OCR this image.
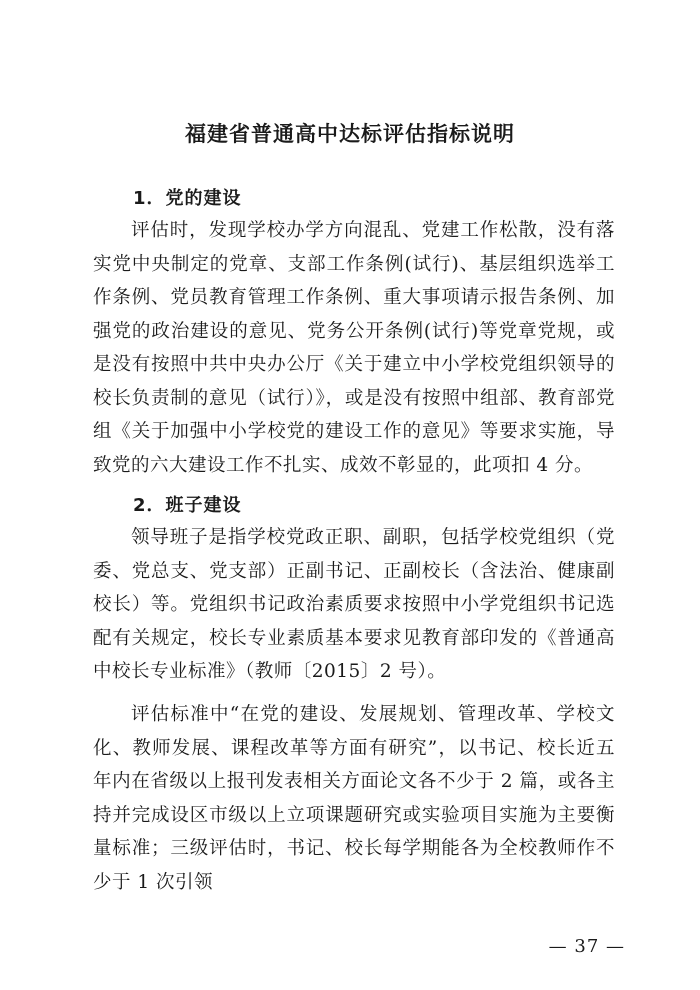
福建省普通高中达标评估指标说明
1．党的建设

评估时，发现学校办学方向混乱、党建工作松散，没有落实党中央制定的党章、支部工作条例(试行)、基层组织选举工作条例、党员教育管理工作条例、重大事项请示报告条例、加强党的政治建设的意见、党务公开条例(试行)等党章党规，或是没有按照中共中央办公厅《关于建立中小学校党组织领导的校长负责制的意见（试行）》，或是没有按照中组部、教育部党组《关于加强中小学校党的建设工作的意见》等要求实施，导致党的六大建设工作不扎实、成效不彰显的，此项扣 4 分。

2．班子建设

领导班子是指学校党政正职、副职，包括学校党组织（党委、党总支、党支部）正副书记、正副校长（含法治、健康副校长）等。党组织书记政治素质要求按照中小学党组织书记选配有关规定，校长专业素质基本要求见教育部印发的《普通高中校长专业标准》（教师〔2015〕2 号）。

评估标准中“在党的建设、发展规划、管理改革、学校文化、教师发展、课程改革等方面有研究”，以书记、校长近五年内在省级以上报刊发表相关方面论文各不少于 2 篇，或各主持并完成设区市级以上立项课题研究或实验项目实施为主要衡量标准；三级评估时，书记、校长每学期能各为全校教师作不少于 1 次引领

— 37 —
